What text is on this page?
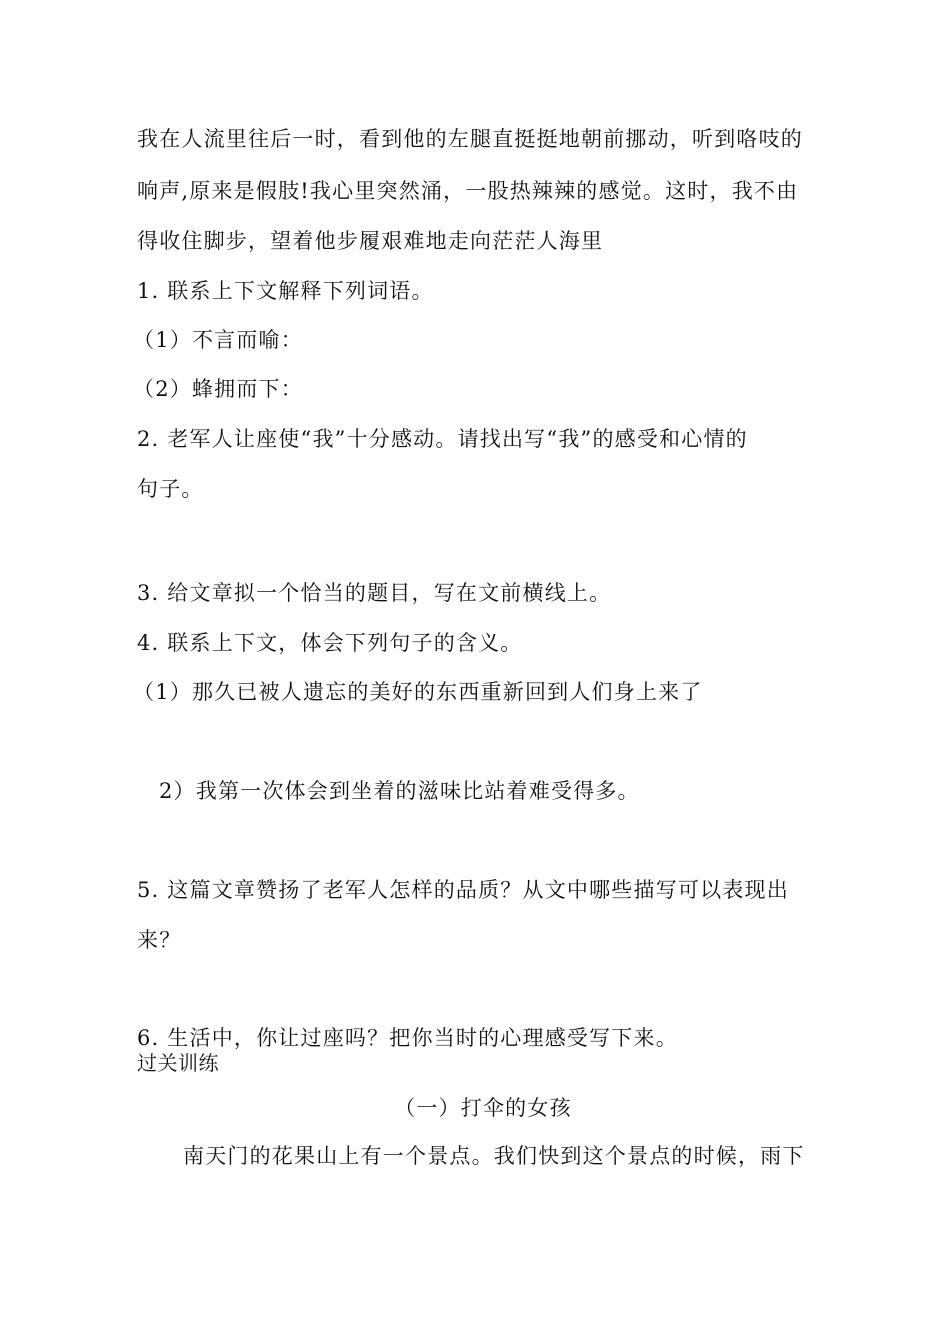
我在人流里往后一时，看到他的左腿直挺挺地朝前挪动，听到咯吱的
响声,原来是假肢!我心里突然涌，一股热辣辣的感觉。这时，我不由
得收住脚步，望着他步履艰难地走向茫茫人海里
1. 联系上下文解释下列词语。
（1）不言而喻：
（2）蜂拥而下：
2. 老军人让座使“我”十分感动。请找出写“我”的感受和心情的
句子。
3. 给文章拟一个恰当的题目，写在文前横线上。
4. 联系上下文，体会下列句子的含义。
（1）那久已被人遗忘的美好的东西重新回到人们身上来了
2）我第一次体会到坐着的滋味比站着难受得多。
5. 这篇文章赞扬了老军人怎样的品质？从文中哪些描写可以表现出
来？
6. 生活中，你让过座吗？把你当时的心理感受写下来。
过关训练
（一）打伞的女孩
南天门的花果山上有一个景点。我们快到这个景点的时候，雨下
